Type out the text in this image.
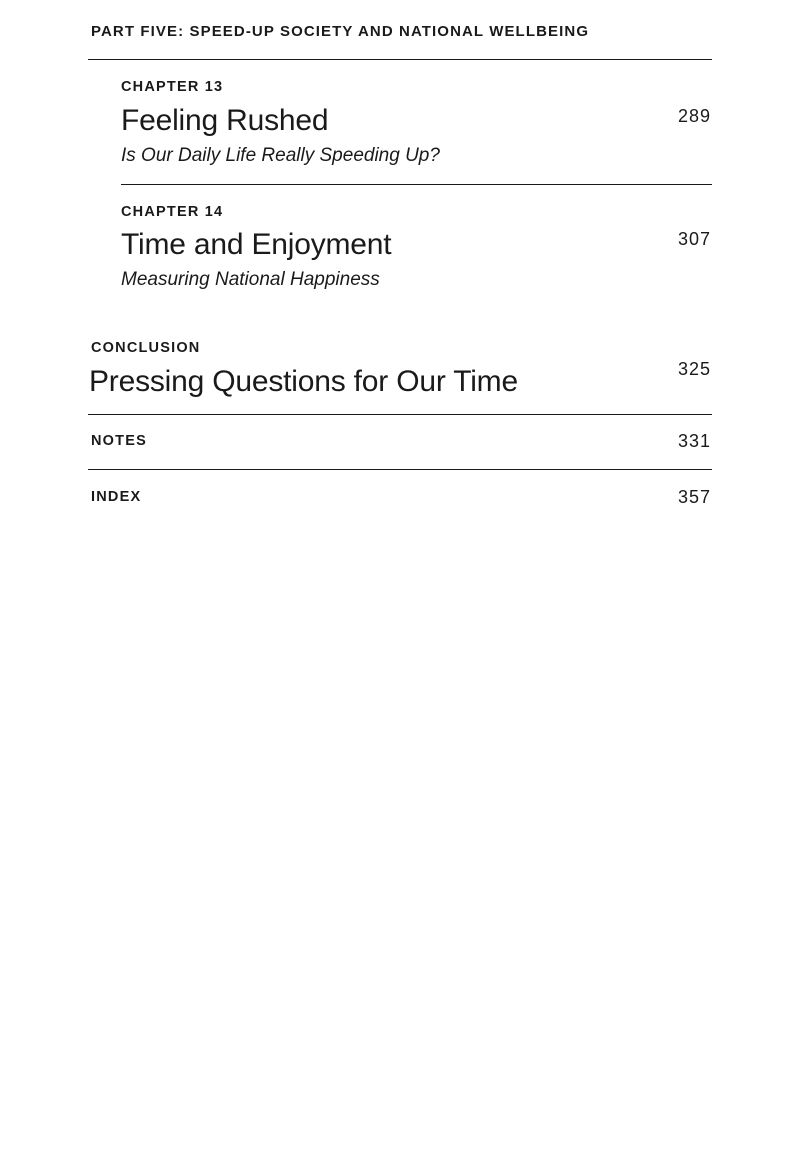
PART FIVE: SPEED-UP SOCIETY AND NATIONAL WELLBEING
CHAPTER 13
Feeling Rushed	289
Is Our Daily Life Really Speeding Up?
CHAPTER 14
Time and Enjoyment	307
Measuring National Happiness
CONCLUSION
Pressing Questions for Our Time	325
NOTES	331
INDEX	357
